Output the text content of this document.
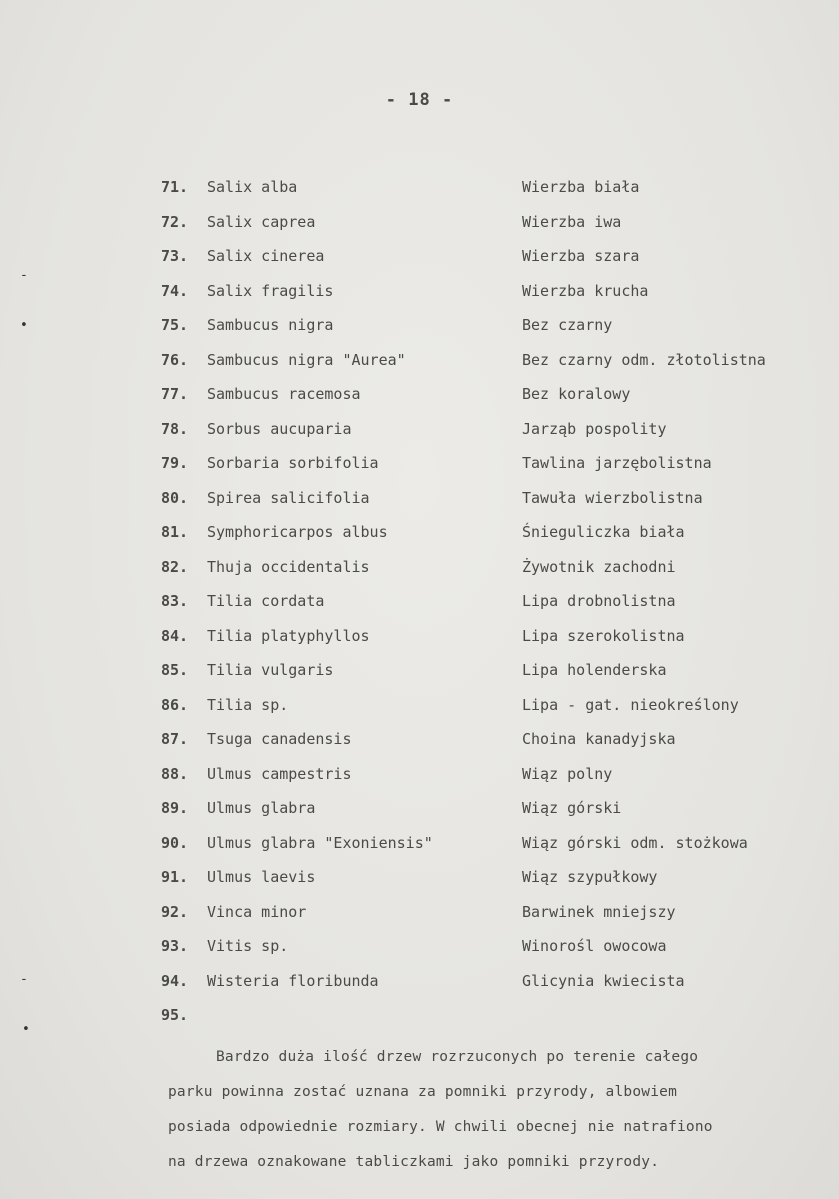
- 18 -
71. Salix alba	Wierzba biała
72. Salix caprea	Wierzba iwa
73. Salix cinerea	Wierzba szara
74. Salix fragilis	Wierzba krucha
75. Sambucus nigra	Bez czarny
76. Sambucus nigra "Aurea"	Bez czarny odm. złotolistna
77. Sambucus racemosa	Bez koralowy
78. Sorbus aucuparia	Jarząb pospolity
79. Sorbaria sorbifolia	Tawlina jarzębolistna
80. Spirea salicifolia	Tawuła wierzbolistna
81. Symphoricarpos albus	Śnieguliczka biała
82. Thuja occidentalis	Żywotnik zachodni
83. Tilia cordata	Lipa drobnolistna
84. Tilia platyphyllos	Lipa szerokolistna
85. Tilia vulgaris	Lipa holenderska
86. Tilia sp.	Lipa - gat. nieokreślony
87. Tsuga canadensis	Choina kanadyjska
88. Ulmus campestris	Wiąz polny
89. Ulmus glabra	Wiąz górski
90. Ulmus glabra "Exoniensis"	Wiąz górski odm. stożkowa
91. Ulmus laevis	Wiąz szypułkowy
92. Vinca minor	Barwinek mniejszy
93. Vitis sp.	Winorośl owocowa
94. Wisteria floribunda	Glicynia kwiecista
95.
Bardzo duża ilość drzew rozrzuconych po terenie całego
parku powinna zostać uznana za pomniki przyrody, albowiem
posiada odpowiednie rozmiary. W chwili obecnej nie natrafiono
na drzewa oznakowane tabliczkami jako pomniki przyrody.
-
•
-
•
